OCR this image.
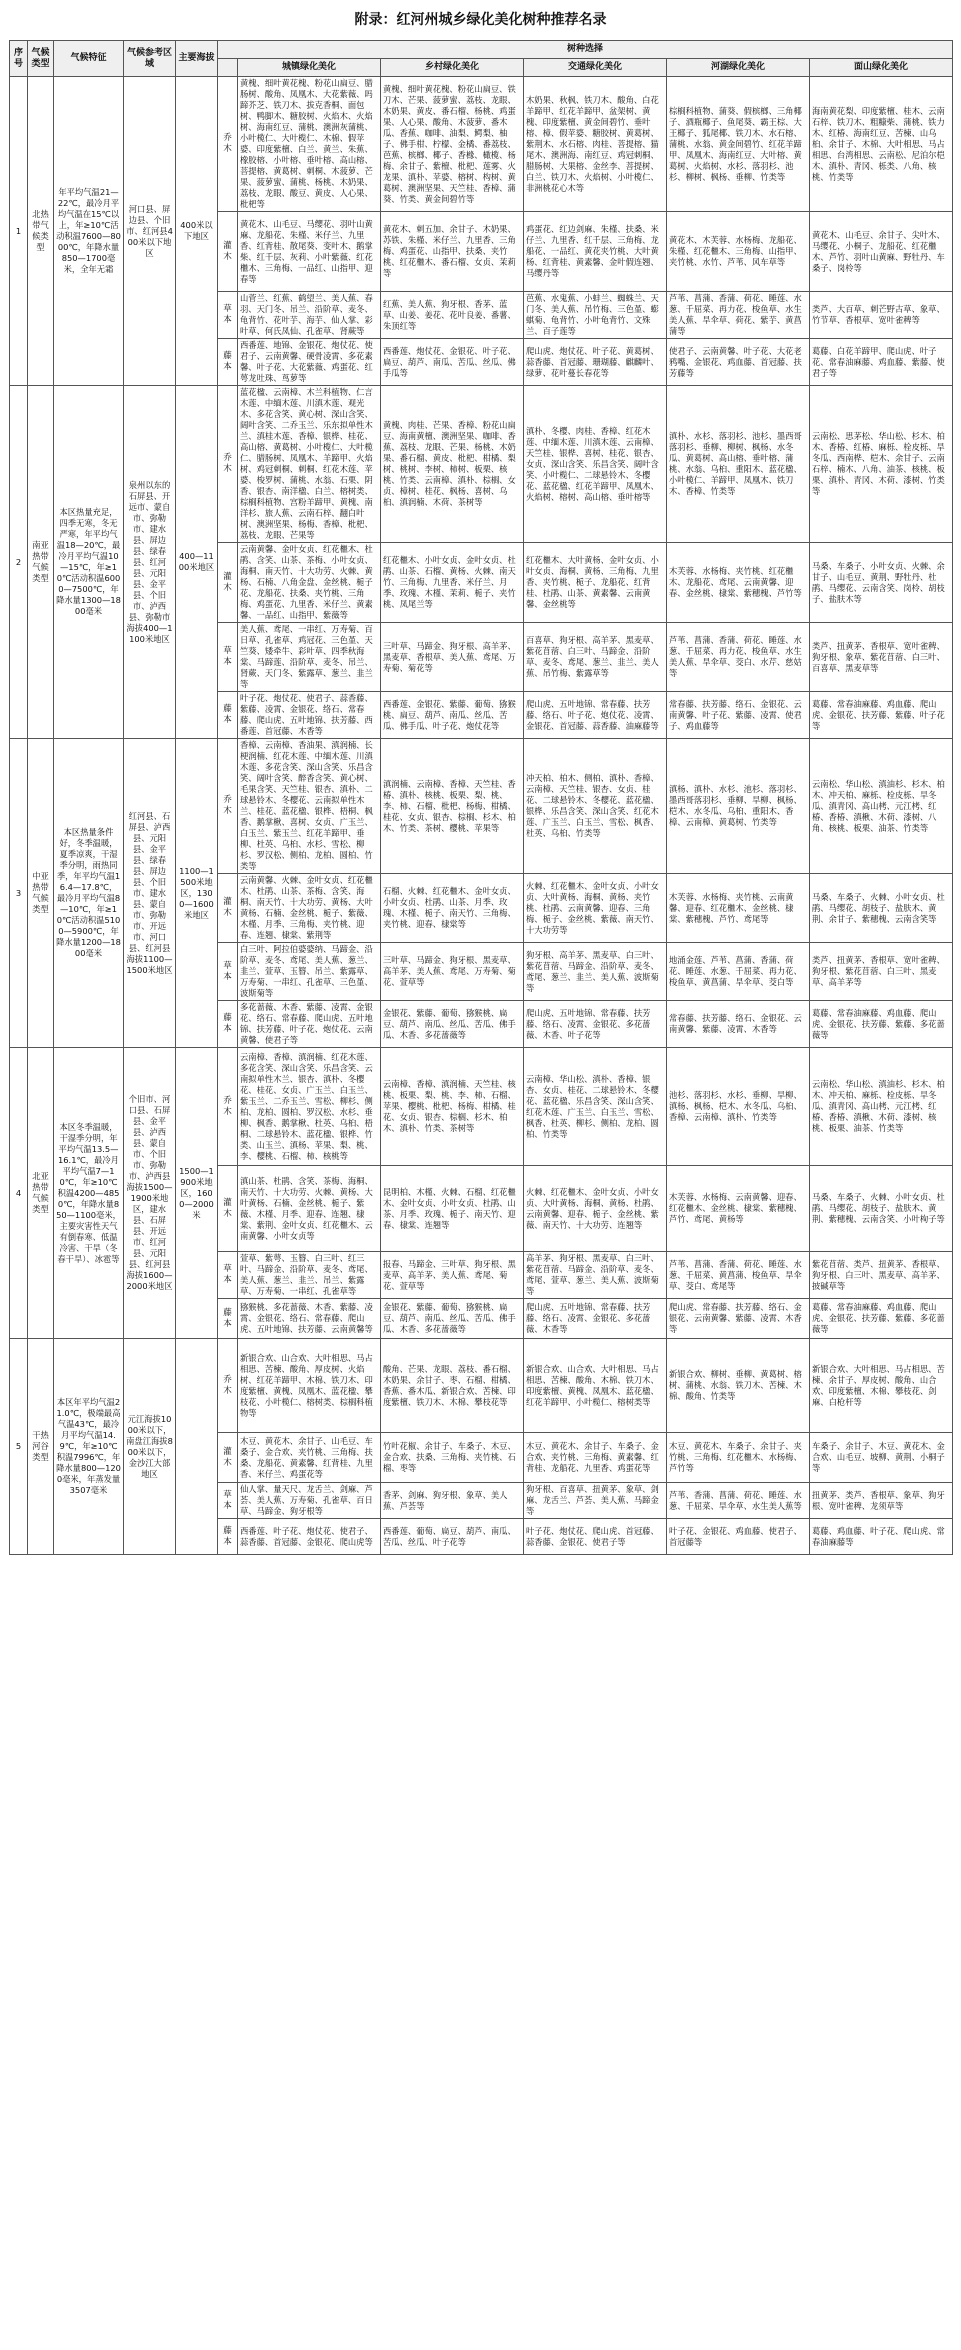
附录：红河州城乡绿化美化树种推荐名录
序号	气候类型	气候特征	气候参考区域	主要海拔	树种选择					
						城镇绿化美化	乡村绿化美化	交通绿化美化	河湖绿化美化	面山绿化美化
1	北热带气候类型	年平均气温21—22℃，最冷月平均气温在15℃以上，年≥10℃活动积温7600—8000℃，年降水量850—1700毫米，全年无霜	河口县、屏边县、个旧市、红河县400米以下地区	400米以下地区	乔木	黄槐、细叶黄花槐、粉花山扁豆、腊肠树、酸角、凤凰木、大花紫薇、吗蹄芥芝、铁刀木、拔克香桐、面包树、鸭脚木、糖胶树、火焰木、火焰树、海南红豆、蒲桃、澳洲灰蒲桃、小叶榄仁、大叶榄仁、木棉、假苹婆、印度紫檀、白兰、黄兰、朱蕉、橡胶榕、小叶榕、垂叶榕、高山榕、菩提榕、黄葛树、刺桐、木菠萝、芒果、菠萝蜜、蒲桃、杨桃、木奶果、荔枝、龙眼、酸豆、黄皮、人心果、枇杷等	黄槐、细叶黄花槐、粉花山扁豆、铁刀木、芒果、菠萝蜜、荔枝、龙眼、木奶果、黄皮、番石榴、杨桃、鸡蛋果、人心果、酸角、木菠萝、番木瓜、香蕉、咖啡、油梨、鳄梨、柚子、佛手柑、柠檬、金橘、番荔枝、芭蕉、槟榔、椰子、香橼、橄榄、杨梅、余甘子、紫檀、枇杷、莲雾、火龙果、滇朴、苹婆、榕树、构树、黄葛树、澳洲坚果、天竺桂、香樟、蒲葵、竹类、黄金间碧竹等	木奶果、秋枫、铁刀木、酸角、白花羊蹄甲、红花羊蹄甲、盆架树、黄槐、印度紫檀、黄金间碧竹、垂叶榕、樟、假苹婆、糖胶树、黄葛树、紫荆木、水石榕、肉桂、菩提榕、猫尾木、澳洲海、南红豆、鸡冠刺桐、腊肠树、大果榕、金丝李、菩提树、白兰、铁刀木、火焰树、小叶榄仁、非洲桃花心木等	棕榈科植物、蒲葵、假槟榔、三角椰子、酒瓶椰子、鱼尾葵、霸王棕、大王椰子、狐尾椰、铁刀木、水石榕、蒲桃、水翁、黄金间碧竹、红花羊蹄甲、凤凰木、海南红豆、大叶榕、黄葛树、火焰树、水杉、落羽杉、池杉、柳树、枫杨、垂柳、竹类等	海南黄花梨、印度紫檀、桂木、云南石梓、铁刀木、粗糠柴、蒲桃、铁力木、红椿、海南红豆、苦楝、山乌桕、余甘子、木棉、大叶相思、马占相思、台湾相思、云南松、尼泊尔桤木、滇朴、青冈、栎类、八角、核桃、竹类等
					灌木	黄花木、山毛豆、马缨花、羽叶山黄麻、龙船花、朱槿、米仔兰、九里香、红背桂、散尾葵、变叶木、鹅掌柴、红千层、灰莉、小叶紫薇、红花檵木、三角梅、一品红、山指甲、迎春等	黄花木、刺五加、余甘子、木奶果、苏铁、朱槿、米仔兰、九里香、三角梅、鸡蛋花、山指甲、扶桑、夹竹桃、红花檵木、番石榴、女贞、茉莉等	鸡蛋花、红边剑麻、朱槿、扶桑、米仔兰、九里香、红千层、三角梅、龙船花、一品红、黄花夹竹桃、大叶黄杨、红背桂、黄素馨、金叶假连翘、马缨丹等	黄花木、木芙蓉、水杨梅、龙船花、朱槿、红花檵木、三角梅、山指甲、夹竹桃、水竹、芦苇、风车草等	黄花木、山毛豆、余甘子、尖叶木、马缨花、小桐子、龙船花、红花檵木、芦竹、羽叶山黄麻、野牡丹、车桑子、岗柃等
					草本	山菅兰、红蕉、鹤望兰、美人蕉、春羽、天门冬、吊兰、沿阶草、麦冬、龟背竹、花叶芋、海芋、仙人掌、彩叶草、何氏凤仙、孔雀草、肾蕨等	红蕉、美人蕉、狗牙根、香茅、蓝草、山姜、姜花、花叶良姜、番薯、朱顶红等	芭蕉、水鬼蕉、小蚌兰、蜘蛛兰、天门冬、美人蕉、吊竹梅、三色堇、蟛蜞菊、龟背竹、小叶龟背竹、文殊兰、百子莲等	芦苇、菖蒲、香蒲、荷花、睡莲、水葱、千屈菜、再力花、梭鱼草、水生美人蕉、旱伞草、荷花、紫芋、黄菖蒲等	类芦、大百草、刺芒野古草、象草、竹节草、香根草、宽叶雀稗等
					藤本	西番莲、地锦、金银花、炮仗花、使君子、云南黄馨、硬骨凌霄、多花素馨、叶子花、大花紫薇、鸡蛋花、红萼龙吐珠、茑萝等	西番莲、炮仗花、金银花、叶子花、扁豆、葫芦、南瓜、苦瓜、丝瓜、佛手瓜等	爬山虎、炮仗花、叶子花、黄葛树、蒜香藤、首冠藤、珊瑚藤、麒麟叶、绿萝、花叶蔓长春花等	使君子、云南黄馨、叶子花、大花老鸦嘴、金银花、鸡血藤、首冠藤、扶芳藤等	葛藤、白花羊蹄甲、爬山虎、叶子花、常春油麻藤、鸡血藤、紫藤、使君子等
2	南亚热带气候类型	本区热量充足，四季无寒，冬无严寒，年平均气温18—20℃，最冷月平均气温10—15℃，年≥10℃活动积温6000—7500℃，年降水量1300—1800毫米	泉州以东的石屏县、开远市、蒙自市、弥勒市、建水县、屏边县、绿春县、红河县、元阳县、金平县、个旧市、泸西县、弥勒市海拔400—1100米地区	400—1100米地区	乔木	蓝花楹、云南樟、木兰科植物、仁言木莲、中缅木莲、川滇木莲、观光木、多花含笑、黄心树、深山含笑、阔叶含笑、二乔玉兰、乐东拟单性木兰、滇桂木莲、香樟、银桦、桂花、高山榕、黄葛树、小叶榄仁、大叶榄仁、腊肠树、凤凰木、羊蹄甲、火焰树、鸡冠刺桐、刺桐、红花木莲、苹婆、梭罗树、蒲桃、水翁、石栗、阴香、银杏、南洋楹、白兰、榕树类、棕榈科植物、宫粉羊蹄甲、黄槐、南洋杉、旅人蕉、云南石梓、翻白叶树、澳洲坚果、杨梅、香樟、枇杷、荔枝、龙眼、芒果等	黄槐、肉桂、芒果、香樟、粉花山扁豆、海南黄檀、澳洲坚果、咖啡、香蕉、荔枝、龙眼、芒果、杨桃、木奶果、番石榴、黄皮、枇杷、柑橘、梨树、桃树、李树、柿树、板栗、核桃、竹类、云南樟、滇朴、棕榈、女贞、樟树、桂花、枫杨、喜树、乌桕、滇润楠、木荷、茶树等	滇朴、冬樱、肉桂、香樟、红花木莲、中缅木莲、川滇木莲、云南樟、天竺桂、银桦、喜树、桂花、银杏、女贞、深山含笑、乐昌含笑、阔叶含笑、小叶榄仁、二球悬铃木、冬樱花、蓝花楹、红花羊蹄甲、凤凰木、火焰树、榕树、高山榕、垂叶榕等	滇朴、水杉、落羽杉、池杉、墨西哥落羽杉、垂柳、柳树、枫杨、水冬瓜、黄葛树、高山榕、垂叶榕、蒲桃、水翁、乌桕、重阳木、蓝花楹、小叶榄仁、羊蹄甲、凤凰木、铁刀木、香樟、竹类等	云南松、思茅松、华山松、杉木、柏木、香椿、红椿、麻栎、栓皮栎、旱冬瓜、西南桦、桤木、余甘子、云南石梓、楠木、八角、油茶、核桃、板栗、滇朴、青冈、木荷、漆树、竹类等
					灌木	云南黄馨、金叶女贞、红花檵木、杜鹃、含笑、山茶、茶梅、小叶女贞、海桐、南天竹、十大功劳、火棘、黄杨、石楠、八角金盘、金丝桃、栀子花、龙船花、扶桑、夹竹桃、三角梅、鸡蛋花、九里香、米仔兰、黄素馨、一品红、山指甲、紫薇等	红花檵木、小叶女贞、金叶女贞、杜鹃、山茶、石榴、黄杨、火棘、南天竹、三角梅、九里香、米仔兰、月季、玫瑰、木槿、茉莉、栀子、夹竹桃、凤尾兰等	红花檵木、大叶黄杨、金叶女贞、小叶女贞、海桐、黄杨、三角梅、九里香、夹竹桃、栀子、龙船花、红背桂、杜鹃、山茶、黄素馨、云南黄馨、金丝桃等	木芙蓉、水杨梅、夹竹桃、红花檵木、龙船花、鸢尾、云南黄馨、迎春、金丝桃、棣棠、紫穗槐、芦竹等	马桑、车桑子、小叶女贞、火棘、余甘子、山毛豆、黄荆、野牡丹、杜鹃、马缨花、云南含笑、岗柃、胡枝子、盐肤木等
					草本	美人蕉、鸢尾、一串红、万寿菊、百日草、孔雀草、鸡冠花、三色堇、天竺葵、矮牵牛、彩叶草、四季秋海棠、马蹄莲、沿阶草、麦冬、吊兰、肾蕨、天门冬、紫露草、葱兰、韭兰等	三叶草、马蹄金、狗牙根、高羊茅、黑麦草、香根草、美人蕉、鸢尾、万寿菊、菊花等	百喜草、狗牙根、高羊茅、黑麦草、紫花苜蓿、白三叶、马蹄金、沿阶草、麦冬、鸢尾、葱兰、韭兰、美人蕉、吊竹梅、紫露草等	芦苇、菖蒲、香蒲、荷花、睡莲、水葱、千屈菜、再力花、梭鱼草、水生美人蕉、旱伞草、茭白、水芹、慈姑等	类芦、扭黄茅、香根草、宽叶雀稗、狗牙根、象草、紫花苜蓿、白三叶、百喜草、黑麦草等
					藤本	叶子花、炮仗花、使君子、蒜香藤、紫藤、凌霄、金银花、络石、常春藤、爬山虎、五叶地锦、扶芳藤、西番莲、首冠藤、木香等	西番莲、金银花、紫藤、葡萄、猕猴桃、扁豆、葫芦、南瓜、丝瓜、苦瓜、佛手瓜、叶子花、炮仗花等	爬山虎、五叶地锦、常春藤、扶芳藤、络石、叶子花、炮仗花、凌霄、金银花、首冠藤、蒜香藤、油麻藤等	常春藤、扶芳藤、络石、金银花、云南黄馨、叶子花、紫藤、凌霄、使君子、鸡血藤等	葛藤、常春油麻藤、鸡血藤、爬山虎、金银花、扶芳藤、紫藤、叶子花等
3	中亚热带气候类型	本区热量条件好，冬季温暖，夏季凉爽，干湿季分明，雨热同季，年平均气温16.4—17.8℃，最冷月平均气温8—10℃，年≥10℃活动积温5100—5900℃，年降水量1200—1800毫米	红河县、石屏县、泸西县、元阳县、金平县、绿春县、屏边县、个旧市、建水县、蒙自市、弥勒市、开远市、河口县、红河县海拔1100—1500米地区	1100—1500米地区，1300—1600米地区	乔木	香樟、云南樟、香油果、滇润楠、长梗润楠、红花木莲、中缅木莲、川滇木莲、多花含笑、深山含笑、乐昌含笑、阔叶含笑、醉香含笑、黄心树、毛果含笑、天竺桂、银杏、滇朴、二球悬铃木、冬樱花、云南拟单性木兰、桂花、蓝花楹、银桦、梧桐、枫香、鹅掌楸、喜树、女贞、广玉兰、白玉兰、紫玉兰、红花羊蹄甲、垂柳、杜英、乌桕、水杉、雪松、柳杉、罗汉松、侧柏、龙柏、圆柏、竹类等	滇润楠、云南樟、香樟、天竺桂、香椿、滇朴、核桃、板栗、梨、桃、李、柿、石榴、枇杷、杨梅、柑橘、桂花、女贞、银杏、棕榈、杉木、柏木、竹类、茶树、樱桃、苹果等	冲天柏、柏木、侧柏、滇朴、香樟、云南樟、天竺桂、银杏、女贞、桂花、二球悬铃木、冬樱花、蓝花楹、银桦、乐昌含笑、深山含笑、红花木莲、广玉兰、白玉兰、雪松、枫香、杜英、乌桕、竹类等	滇杨、滇朴、水杉、池杉、落羽杉、墨西哥落羽杉、垂柳、旱柳、枫杨、桤木、水冬瓜、乌桕、重阳木、香樟、云南樟、黄葛树、竹类等	云南松、华山松、滇油杉、杉木、柏木、冲天柏、麻栎、栓皮栎、旱冬瓜、滇青冈、高山栲、元江栲、红椿、香椿、滇楸、木荷、漆树、八角、核桃、板栗、油茶、竹类等
					灌木	云南黄馨、火棘、金叶女贞、红花檵木、杜鹃、山茶、茶梅、含笑、海桐、南天竹、十大功劳、黄杨、大叶黄杨、石楠、金丝桃、栀子、紫薇、木槿、月季、三角梅、夹竹桃、迎春、连翘、棣棠、紫荆等	石榴、火棘、红花檵木、金叶女贞、小叶女贞、杜鹃、山茶、月季、玫瑰、木槿、栀子、南天竹、三角梅、夹竹桃、迎春、棣棠等	火棘、红花檵木、金叶女贞、小叶女贞、大叶黄杨、海桐、黄杨、夹竹桃、杜鹃、云南黄馨、迎春、三角梅、栀子、金丝桃、紫薇、南天竹、十大功劳等	木芙蓉、水杨梅、夹竹桃、云南黄馨、迎春、红花檵木、金丝桃、棣棠、紫穗槐、芦竹、鸢尾等	马桑、车桑子、火棘、小叶女贞、杜鹃、马缨花、胡枝子、盐肤木、黄荆、余甘子、紫穗槐、云南含笑等
					草本	白三叶、阿拉伯婆婆纳、马蹄金、沿阶草、麦冬、鸢尾、美人蕉、葱兰、韭兰、萱草、玉簪、吊兰、紫露草、万寿菊、一串红、孔雀草、三色堇、波斯菊等	三叶草、马蹄金、狗牙根、黑麦草、高羊茅、美人蕉、鸢尾、万寿菊、菊花、萱草等	狗牙根、高羊茅、黑麦草、白三叶、紫花苜蓿、马蹄金、沿阶草、麦冬、鸢尾、葱兰、韭兰、美人蕉、波斯菊等	地涌金莲、芦苇、菖蒲、香蒲、荷花、睡莲、水葱、千屈菜、再力花、梭鱼草、黄菖蒲、旱伞草、茭白等	类芦、扭黄茅、香根草、宽叶雀稗、狗牙根、紫花苜蓿、白三叶、黑麦草、高羊茅等
					藤本	多花蔷薇、木香、紫藤、凌霄、金银花、络石、常春藤、爬山虎、五叶地锦、扶芳藤、叶子花、炮仗花、云南黄馨、使君子等	金银花、紫藤、葡萄、猕猴桃、扁豆、葫芦、南瓜、丝瓜、苦瓜、佛手瓜、木香、多花蔷薇等	爬山虎、五叶地锦、常春藤、扶芳藤、络石、凌霄、金银花、多花蔷薇、木香、叶子花等	常春藤、扶芳藤、络石、金银花、云南黄馨、紫藤、凌霄、木香等	葛藤、常春油麻藤、鸡血藤、爬山虎、金银花、扶芳藤、紫藤、多花蔷薇等
4	北亚热带气候类型	本区冬季温暖，干湿季分明，年平均气温13.5—16.1℃，最冷月平均气温7—10℃，年≥10℃积温4200—4850℃，年降水量850—1100毫米，主要灾害性天气有倒春寒、低温冷害、干旱（冬春干旱）、冰雹等	个旧市、河口县、石屏县、金平县、泸西县、蒙自市、个旧市、弥勒市、泸西县海拔1500—1900米地区，建水县、石屏县、开远市、红河县、元阳县、红河县海拔1600—2000米地区	1500—1900米地区，1600—2000米	乔木	云南樟、香樟、滇润楠、红花木莲、多花含笑、深山含笑、乐昌含笑、云南拟单性木兰、银杏、滇朴、冬樱花、桂花、女贞、广玉兰、白玉兰、紫玉兰、二乔玉兰、雪松、柳杉、侧柏、龙柏、圆柏、罗汉松、水杉、垂柳、枫香、鹅掌楸、杜英、乌桕、梧桐、二球悬铃木、蓝花楹、银桦、竹类、山玉兰、滇杨、苹果、梨、桃、李、樱桃、石榴、柿、核桃等	云南樟、香樟、滇润楠、天竺桂、核桃、板栗、梨、桃、李、柿、石榴、苹果、樱桃、枇杷、杨梅、柑橘、桂花、女贞、银杏、棕榈、杉木、柏木、滇朴、竹类、茶树等	云南樟、华山松、滇朴、香樟、银杏、女贞、桂花、二球悬铃木、冬樱花、蓝花楹、乐昌含笑、深山含笑、红花木莲、广玉兰、白玉兰、雪松、枫香、杜英、柳杉、侧柏、龙柏、圆柏、竹类等	池杉、落羽杉、水杉、垂柳、旱柳、滇杨、枫杨、桤木、水冬瓜、乌桕、香樟、云南樟、滇朴、竹类等	云南松、华山松、滇油杉、杉木、柏木、冲天柏、麻栎、栓皮栎、旱冬瓜、滇青冈、高山栲、元江栲、红椿、香椿、滇楸、木荷、漆树、核桃、板栗、油茶、竹类等
					灌木	滇山茶、杜鹃、含笑、茶梅、海桐、南天竹、十大功劳、火棘、黄杨、大叶黄杨、石楠、金丝桃、栀子、紫薇、木槿、月季、迎春、连翘、棣棠、紫荆、金叶女贞、红花檵木、云南黄馨、小叶女贞等	昆明柏、木槿、火棘、石榴、红花檵木、金叶女贞、小叶女贞、杜鹃、山茶、月季、玫瑰、栀子、南天竹、迎春、棣棠、连翘等	火棘、红花檵木、金叶女贞、小叶女贞、大叶黄杨、海桐、黄杨、杜鹃、云南黄馨、迎春、栀子、金丝桃、紫薇、南天竹、十大功劳、连翘等	木芙蓉、水杨梅、云南黄馨、迎春、红花檵木、金丝桃、棣棠、紫穗槐、芦竹、鸢尾、黄杨等	马桑、车桑子、火棘、小叶女贞、杜鹃、马缨花、胡枝子、盐肤木、黄荆、紫穗槐、云南含笑、小叶栒子等
					草本	萱草、紫萼、玉簪、白三叶、红三叶、马蹄金、沿阶草、麦冬、鸢尾、美人蕉、葱兰、韭兰、吊兰、紫露草、万寿菊、一串红、孔雀草等	报春、马蹄金、三叶草、狗牙根、黑麦草、高羊茅、美人蕉、鸢尾、菊花、萱草等	高羊茅、狗牙根、黑麦草、白三叶、紫花苜蓿、马蹄金、沿阶草、麦冬、鸢尾、萱草、葱兰、美人蕉、波斯菊等	芦苇、菖蒲、香蒲、荷花、睡莲、水葱、千屈菜、黄菖蒲、梭鱼草、旱伞草、茭白、鸢尾等	紫花苜蓿、类芦、扭黄茅、香根草、狗牙根、白三叶、黑麦草、高羊茅、披碱草等
					藤本	猕猴桃、多花蔷薇、木香、紫藤、凌霄、金银花、络石、常春藤、爬山虎、五叶地锦、扶芳藤、云南黄馨等	金银花、紫藤、葡萄、猕猴桃、扁豆、葫芦、南瓜、丝瓜、苦瓜、佛手瓜、木香、多花蔷薇等	爬山虎、五叶地锦、常春藤、扶芳藤、络石、凌霄、金银花、多花蔷薇、木香等	爬山虎、常春藤、扶芳藤、络石、金银花、云南黄馨、紫藤、凌霄、木香等	葛藤、常春油麻藤、鸡血藤、爬山虎、金银花、扶芳藤、紫藤、多花蔷薇等
5	干热河谷类型	本区年平均气温21.0℃，极端最高气温43℃，最冷月平均气温14.9℃，年≥10℃积温7996℃，年降水量800—1200毫米，年蒸发量3507毫米	元江海拔1000米以下，南盘江海拔800米以下，金沙江大部地区		乔木	新银合欢、山合欢、大叶相思、马占相思、苦楝、酸角、厚皮树、火焰树、红花羊蹄甲、木棉、铁刀木、印度紫檀、黄槐、凤凰木、蓝花楹、攀枝花、小叶榄仁、榕树类、棕榈科植物等	酸角、芒果、龙眼、荔枝、番石榴、木奶果、余甘子、枣、石榴、柑橘、香蕉、番木瓜、新银合欢、苦楝、印度紫檀、铁刀木、木棉、攀枝花等	新银合欢、山合欢、大叶相思、马占相思、苦楝、酸角、木棉、铁刀木、印度紫檀、黄槐、凤凰木、蓝花楹、红花羊蹄甲、小叶榄仁、榕树类等	新银合欢、柳树、垂柳、黄葛树、榕树、蒲桃、水翁、铁刀木、苦楝、木棉、酸角、竹类等	新银合欢、大叶相思、马占相思、苦楝、余甘子、厚皮树、酸角、山合欢、印度紫檀、木棉、攀枝花、剑麻、白枪杆等
					灌木	木豆、黄花木、余甘子、山毛豆、车桑子、金合欢、夹竹桃、三角梅、扶桑、龙船花、黄素馨、红背桂、九里香、米仔兰、鸡蛋花等	竹叶花椒、余甘子、车桑子、木豆、金合欢、扶桑、三角梅、夹竹桃、石榴、枣等	木豆、黄花木、余甘子、车桑子、金合欢、夹竹桃、三角梅、黄素馨、红背桂、龙船花、九里香、鸡蛋花等	木豆、黄花木、车桑子、余甘子、夹竹桃、三角梅、红花檵木、水杨梅、芦竹等	车桑子、余甘子、木豆、黄花木、金合欢、山毛豆、坡柳、黄荆、小桐子等
					草本	仙人掌、量天尺、龙舌兰、剑麻、芦荟、美人蕉、万寿菊、孔雀草、百日草、马蹄金、狗牙根等	香茅、剑麻、狗牙根、象草、美人蕉、芦荟等	狗牙根、百喜草、扭黄茅、象草、剑麻、龙舌兰、芦荟、美人蕉、马蹄金等	芦苇、香蒲、菖蒲、荷花、睡莲、水葱、千屈菜、旱伞草、水生美人蕉等	扭黄茅、类芦、香根草、象草、狗牙根、宽叶雀稗、龙须草等
					藤本	西番莲、叶子花、炮仗花、使君子、蒜香藤、首冠藤、金银花、爬山虎等	西番莲、葡萄、扁豆、葫芦、南瓜、苦瓜、丝瓜、叶子花等	叶子花、炮仗花、爬山虎、首冠藤、蒜香藤、金银花、使君子等	叶子花、金银花、鸡血藤、使君子、首冠藤等	葛藤、鸡血藤、叶子花、爬山虎、常春油麻藤等
